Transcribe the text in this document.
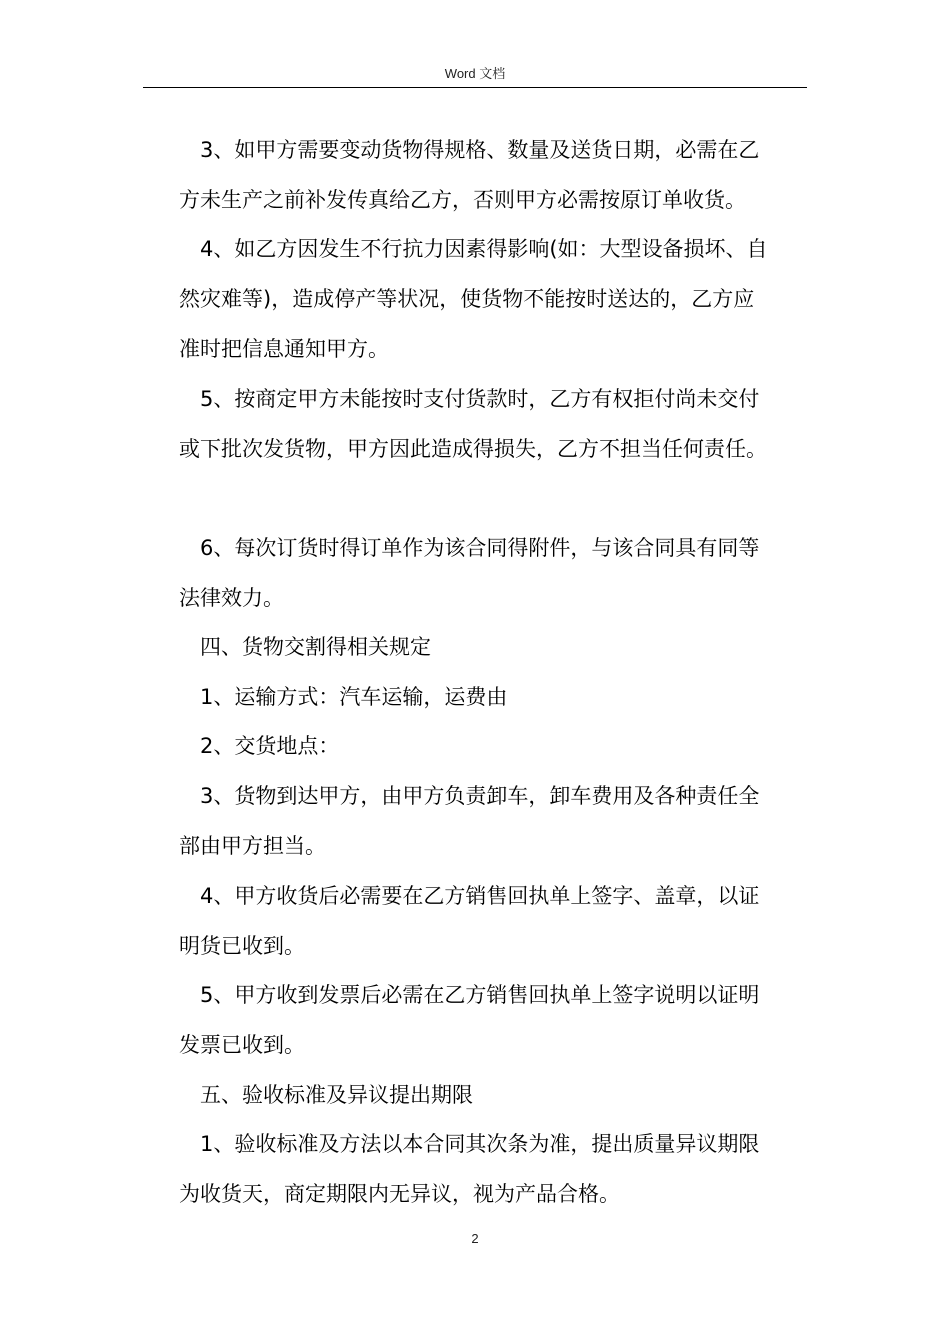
Word 文档
3、如甲方需要变动货物得规格、数量及送货日期，必需在乙
方未生产之前补发传真给乙方，否则甲方必需按原订单收货。
4、如乙方因发生不行抗力因素得影响(如：大型设备损坏、自
然灾难等)，造成停产等状况，使货物不能按时送达的，乙方应
准时把信息通知甲方。
5、按商定甲方未能按时支付货款时，乙方有权拒付尚未交付
或下批次发货物，甲方因此造成得损失，乙方不担当任何责任。
6、每次订货时得订单作为该合同得附件，与该合同具有同等
法律效力。
四、货物交割得相关规定
1、运输方式：汽车运输，运费由
2、交货地点：
3、货物到达甲方，由甲方负责卸车，卸车费用及各种责任全
部由甲方担当。
4、甲方收货后必需要在乙方销售回执单上签字、盖章，以证
明货已收到。
5、甲方收到发票后必需在乙方销售回执单上签字说明以证明
发票已收到。
五、验收标准及异议提出期限
1、验收标准及方法以本合同其次条为准，提出质量异议期限
为收货天，商定期限内无异议，视为产品合格。
2
